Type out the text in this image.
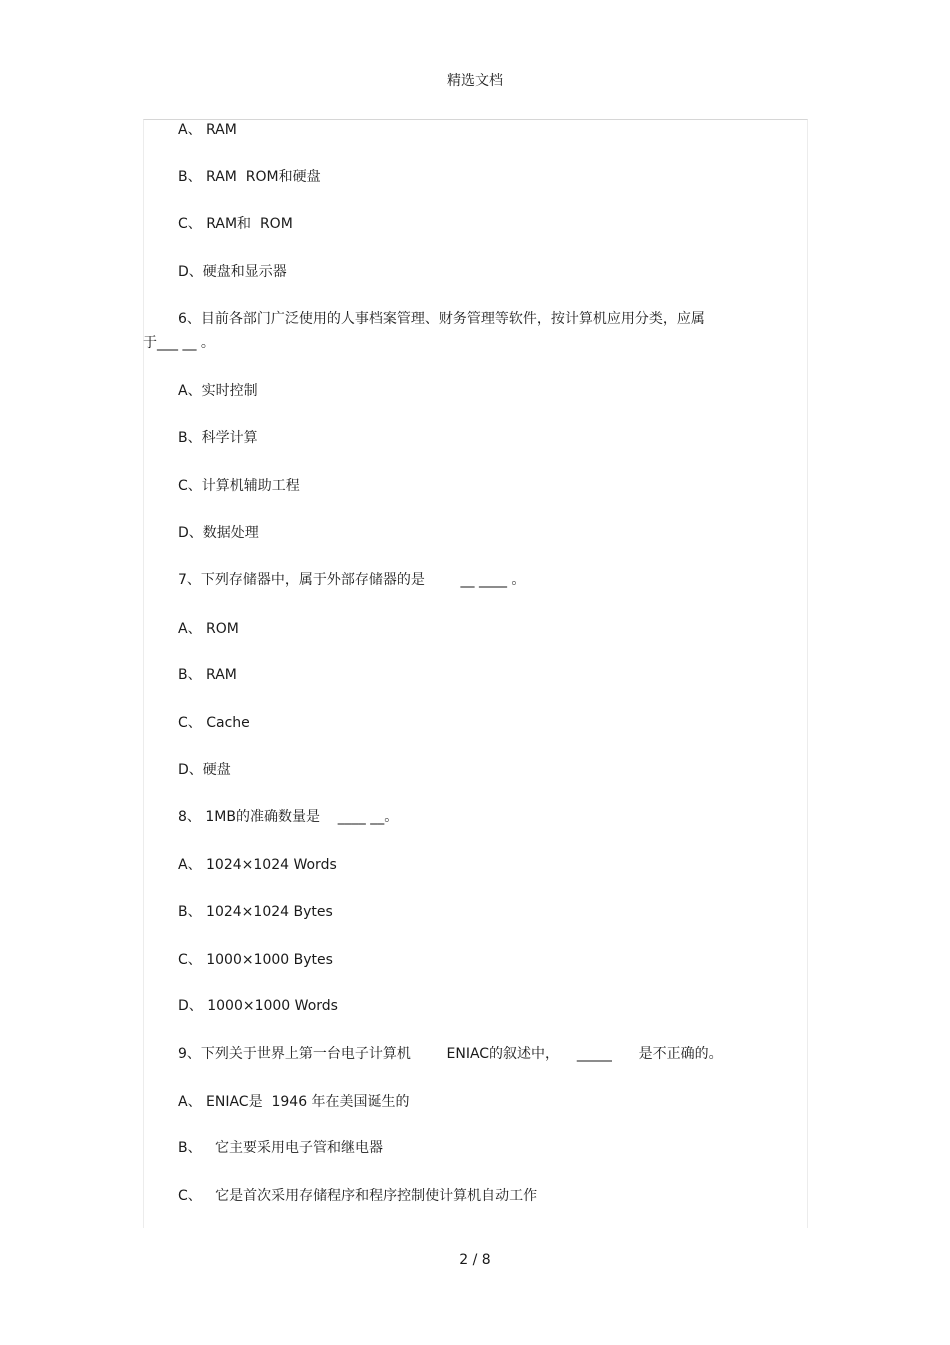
精选文档
A、 RAM
B、 RAM  ROM和硬盘
C、 RAM和  ROM
D、硬盘和显示器
6、目前各部门广泛使用的人事档案管理、财务管理等软件，按计算机应用分类，应属
于___ __ 。
A、实时控制
B、科学计算
C、计算机辅助工程
D、数据处理
7、下列存储器中，属于外部存储器的是        __ ____ 。
A、 ROM
B、 RAM
C、 Cache
D、硬盘
8、 1MB的准确数量是    ____ __。
A、 1024×1024 Words
B、 1024×1024 Bytes
C、 1000×1000 Bytes
D、 1000×1000 Words
9、下列关于世界上第一台电子计算机        ENIAC的叙述中，    _____      是不正确的。
A、 ENIAC是  1946 年在美国诞生的
B、   它主要采用电子管和继电器
C、   它是首次采用存储程序和程序控制使计算机自动工作
2 / 8
